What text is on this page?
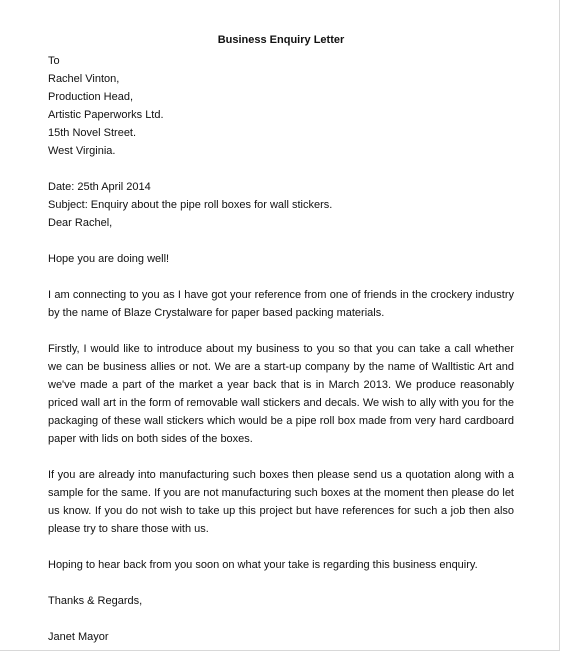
Business Enquiry Letter
To
Rachel Vinton,
Production Head,
Artistic Paperworks Ltd.
15th Novel Street.
West Virginia.
Date: 25th April 2014
Subject: Enquiry about the pipe roll boxes for wall stickers.
Dear Rachel,
Hope you are doing well!
I am connecting to you as I have got your reference from one of friends in the crockery industry by the name of Blaze Crystalware for paper based packing materials.
Firstly, I would like to introduce about my business to you so that you can take a call whether we can be business allies or not. We are a start-up company by the name of Walltistic Art and we've made a part of the market a year back that is in March 2013. We produce reasonably priced wall art in the form of removable wall stickers and decals. We wish to ally with you for the packaging of these wall stickers which would be a pipe roll box made from very hard cardboard paper with lids on both sides of the boxes.
If you are already into manufacturing such boxes then please send us a quotation along with a sample for the same. If you are not manufacturing such boxes at the moment then please do let us know. If you do not wish to take up this project but have references for such a job then also please try to share those with us.
Hoping to hear back from you soon on what your take is regarding this business enquiry.
Thanks & Regards,
Janet Mayor
